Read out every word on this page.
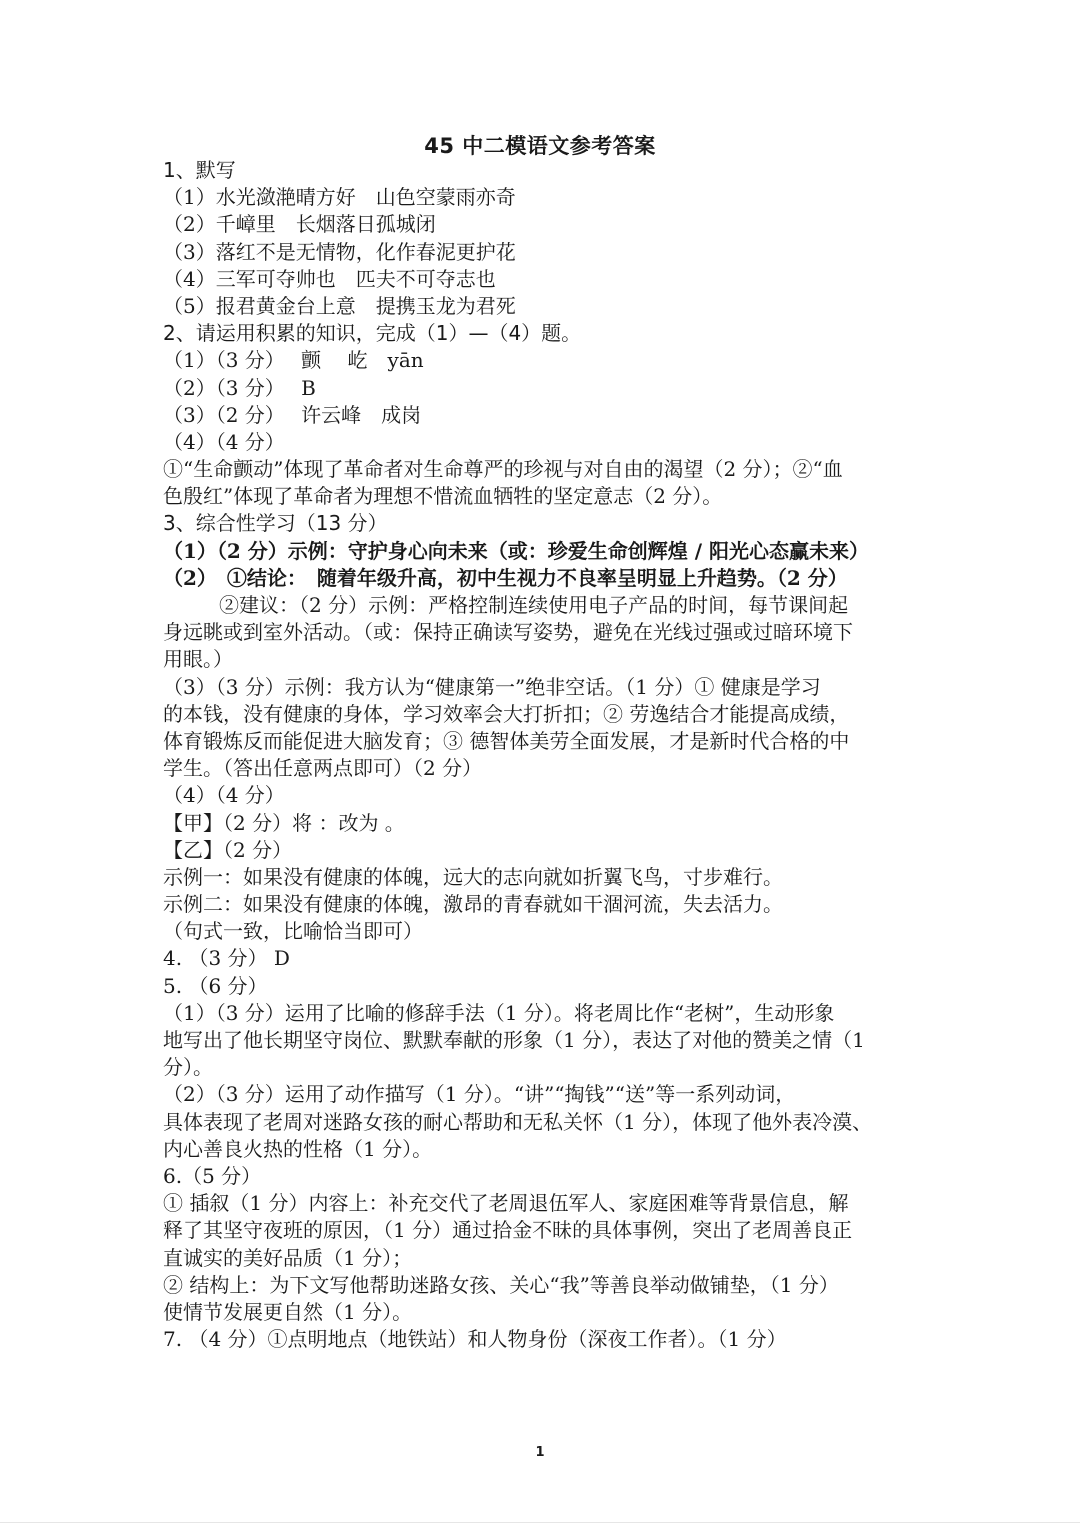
45 中二模语文参考答案
1、默写
（1）水光潋滟晴方好　山色空蒙雨亦奇
（2）千嶂里　长烟落日孤城闭
（3）落红不是无情物，化作春泥更护花
（4）三军可夺帅也　匹夫不可夺志也
（5）报君黄金台上意　提携玉龙为君死
2、请运用积累的知识，完成（1）—（4）题。
（1）（3 分）　 颤　 屹　yān
（2）（3 分）　 B
（3）（2 分）　 许云峰　成岗
（4）（4 分）
①“生命颤动”体现了革命者对生命尊严的珍视与对自由的渴望（2 分）；②“血
色殷红”体现了革命者为理想不惜流血牺牲的坚定意志（2 分）。
3、综合性学习（13 分）
（1）（2 分）示例：守护身心向未来（或：珍爱生命创辉煌 / 阳光心态赢未来）
（2）　①结论：　随着年级升高，初中生视力不良率呈明显上升趋势。（2 分）
②建议：（2 分）示例：严格控制连续使用电子产品的时间，每节课间起
身远眺或到室外活动。（或：保持正确读写姿势，避免在光线过强或过暗环境下
用眼。）
（3）（3 分）示例：我方认为“健康第一”绝非空话。（1 分）① 健康是学习
的本钱，没有健康的身体，学习效率会大打折扣；② 劳逸结合才能提高成绩，
体育锻炼反而能促进大脑发育；③ 德智体美劳全面发展，才是新时代合格的中
学生。（答出任意两点即可）（2 分）
（4）（4 分）
【甲】（2 分）将 ：改为 。
【乙】（2 分）
示例一：如果没有健康的体魄，远大的志向就如折翼飞鸟，寸步难行。
示例二：如果没有健康的体魄，激昂的青春就如干涸河流，失去活力。
（句式一致，比喻恰当即可）
4. （3 分） D
5. （6 分）
（1）（3 分）运用了比喻的修辞手法（1 分）。将老周比作“老树”，生动形象
地写出了他长期坚守岗位、默默奉献的形象（1 分），表达了对他的赞美之情（1
分）。
（2）（3 分）运用了动作描写（1 分）。“讲”“掏钱”“送”等一系列动词，
具体表现了老周对迷路女孩的耐心帮助和无私关怀（1 分），体现了他外表冷漠、
内心善良火热的性格（1 分）。
6.（5 分）
① 插叙（1 分）内容上：补充交代了老周退伍军人、家庭困难等背景信息，解
释了其坚守夜班的原因，（1 分）通过拾金不昧的具体事例，突出了老周善良正
直诚实的美好品质（1 分）；
② 结构上：为下文写他帮助迷路女孩、关心“我”等善良举动做铺垫，（1 分）
使情节发展更自然（1 分）。
7. （4 分）①点明地点（地铁站）和人物身份（深夜工作者）。（1 分）
1
